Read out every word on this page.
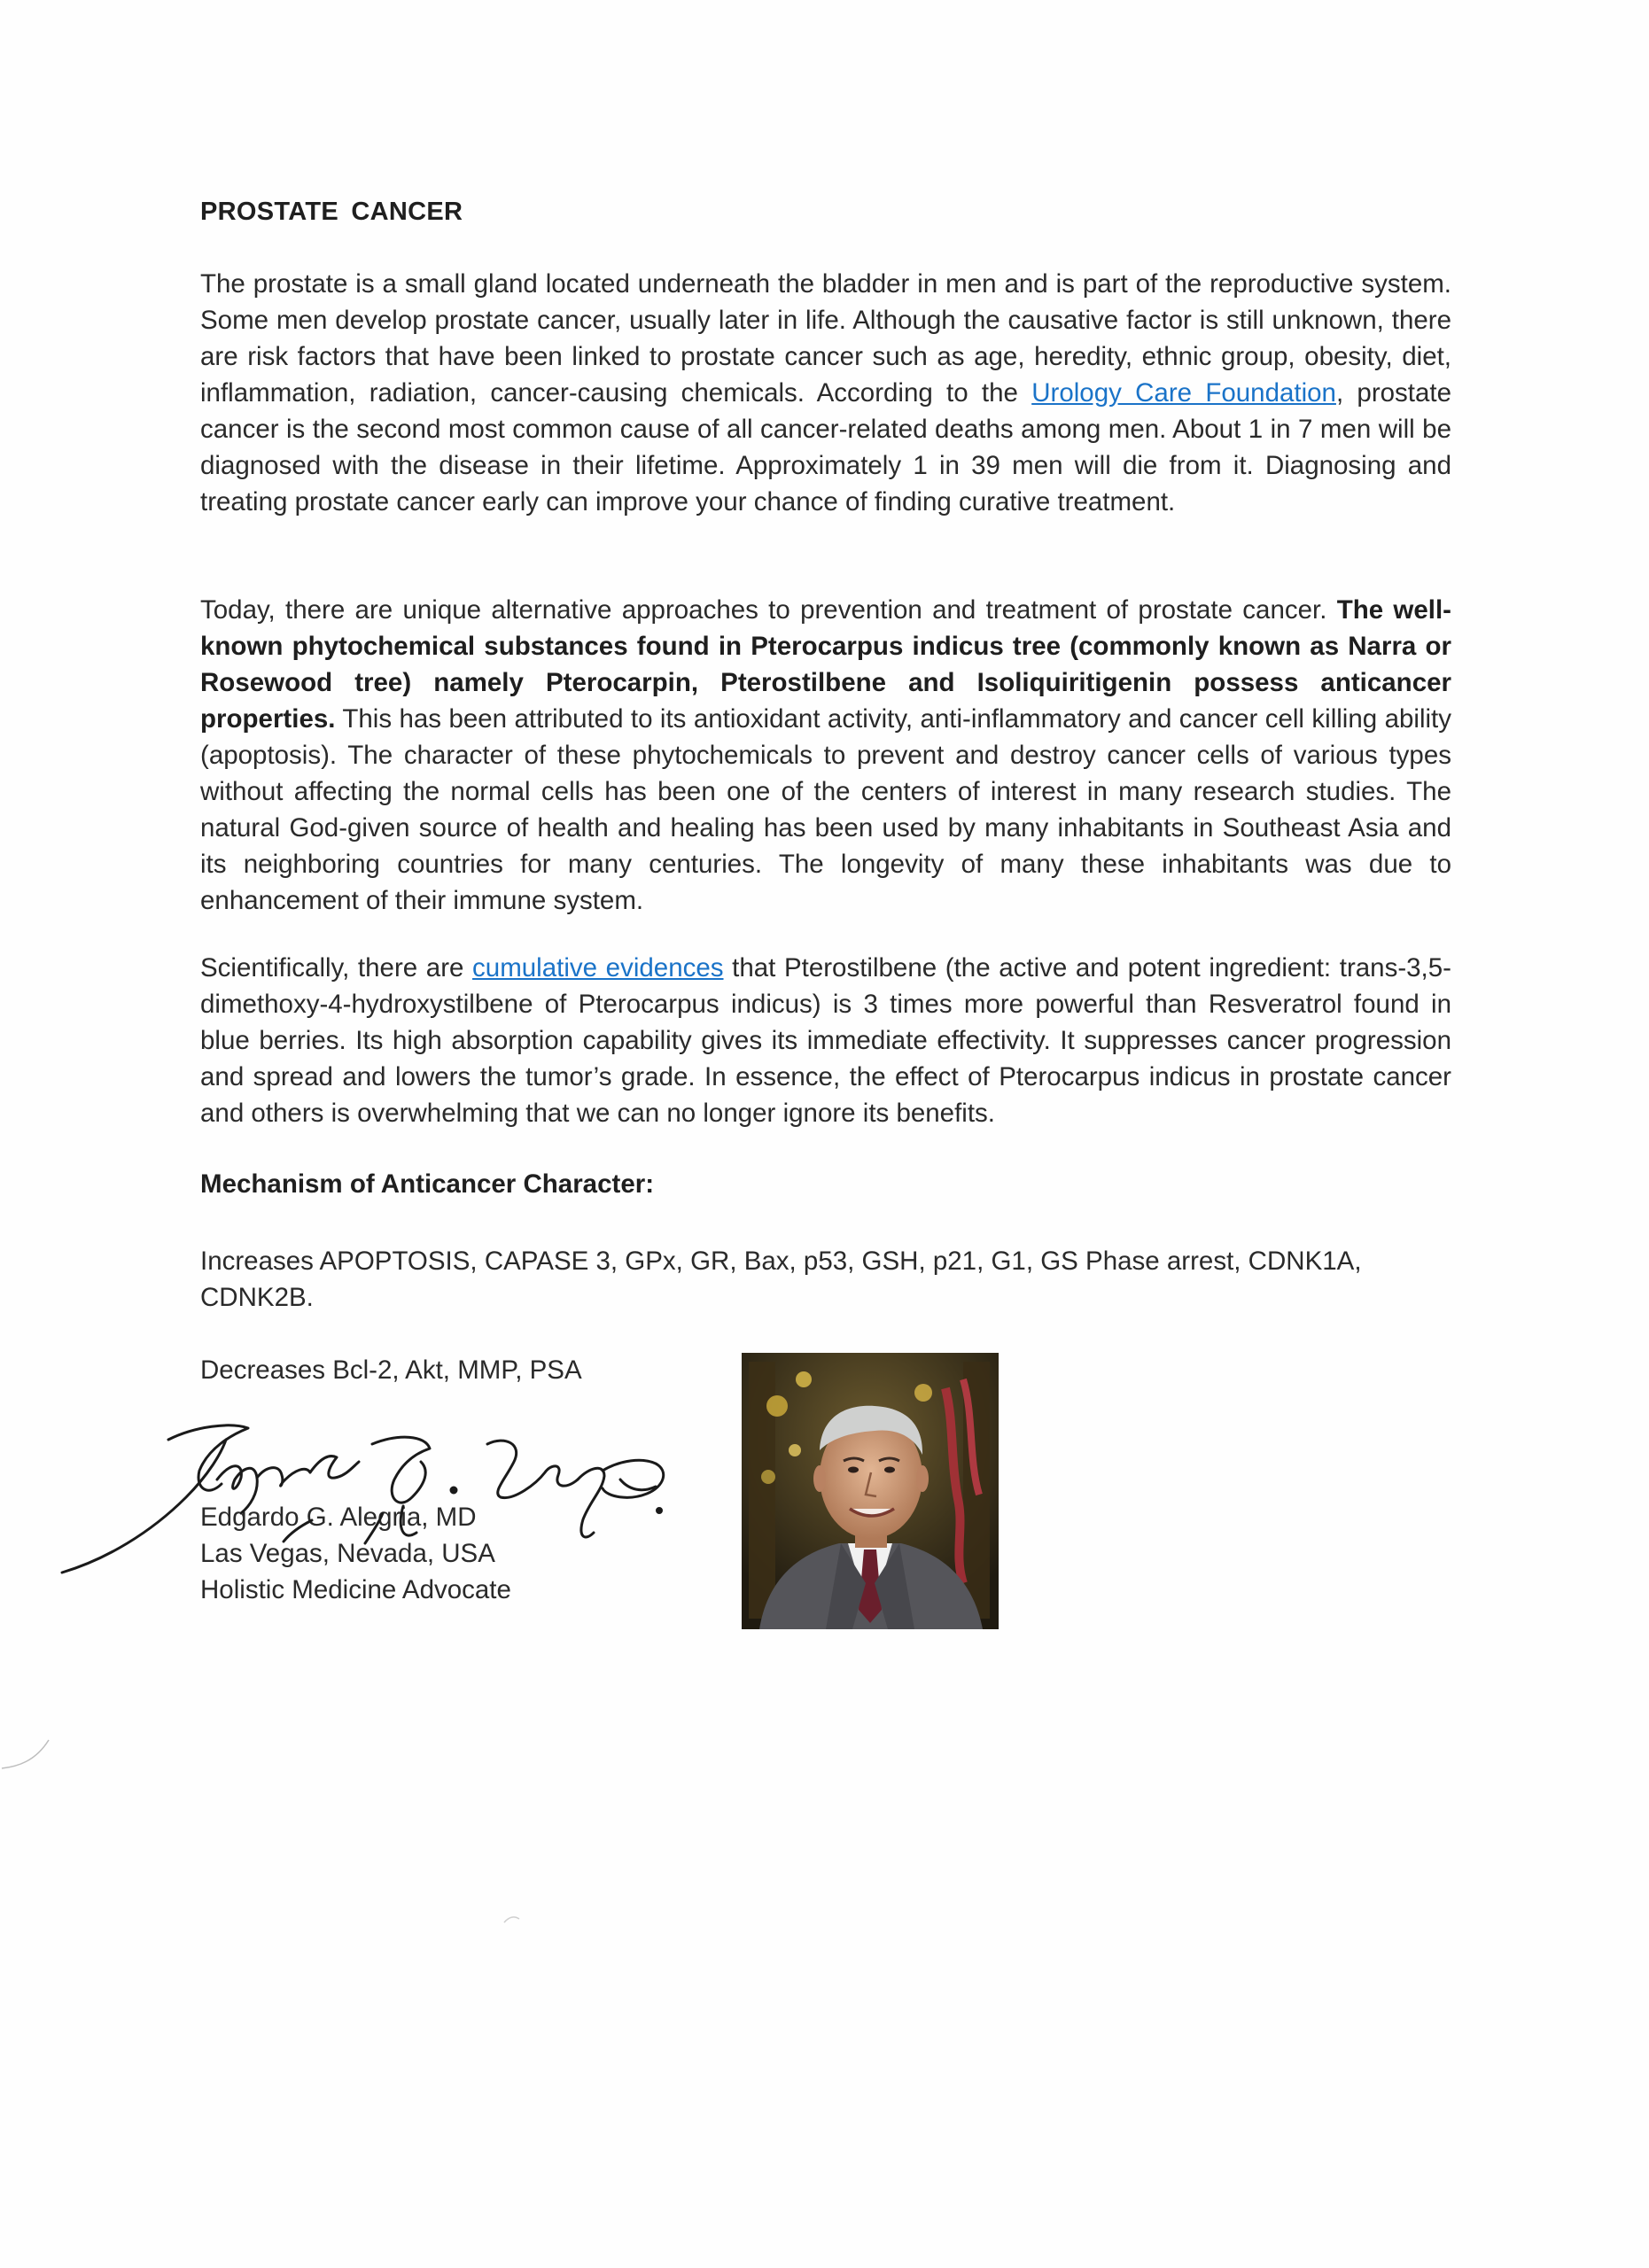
PROSTATE CANCER

The prostate is a small gland located underneath the bladder in men and is part of the reproductive system. Some men develop prostate cancer, usually later in life. Although the causative factor is still unknown, there are risk factors that have been linked to prostate cancer such as age, heredity, ethnic group, obesity, diet, inflammation, radiation, cancer-causing chemicals. According to the Urology Care Foundation, prostate cancer is the second most common cause of all cancer-related deaths among men. About 1 in 7 men will be diagnosed with the disease in their lifetime. Approximately 1 in 39 men will die from it. Diagnosing and treating prostate cancer early can improve your chance of finding curative treatment.

Today, there are unique alternative approaches to prevention and treatment of prostate cancer. The well-known phytochemical substances found in Pterocarpus indicus tree (commonly known as Narra or Rosewood tree) namely Pterocarpin, Pterostilbene and Isoliquiritigenin possess anticancer properties. This has been attributed to its antioxidant activity, anti-inflammatory and cancer cell killing ability (apoptosis). The character of these phytochemicals to prevent and destroy cancer cells of various types without affecting the normal cells has been one of the centers of interest in many research studies. The natural God-given source of health and healing has been used by many inhabitants in Southeast Asia and its neighboring countries for many centuries. The longevity of many these inhabitants was due to enhancement of their immune system.

Scientifically, there are cumulative evidences that Pterostilbene (the active and potent ingredient: trans-3,5-dimethoxy-4-hydroxystilbene of Pterocarpus indicus) is 3 times more powerful than Resveratrol found in blue berries. Its high absorption capability gives its immediate effectivity. It suppresses cancer progression and spread and lowers the tumor’s grade. In essence, the effect of Pterocarpus indicus in prostate cancer and others is overwhelming that we can no longer ignore its benefits.

Mechanism of Anticancer Character:

Increases APOPTOSIS, CAPASE 3, GPx, GR, Bax, p53, GSH, p21, G1, GS Phase arrest, CDNK1A, CDNK2B.

Decreases Bcl-2, Akt, MMP, PSA

Edgardo G. Alegria, MD
Las Vegas, Nevada, USA
Holistic Medicine Advocate
